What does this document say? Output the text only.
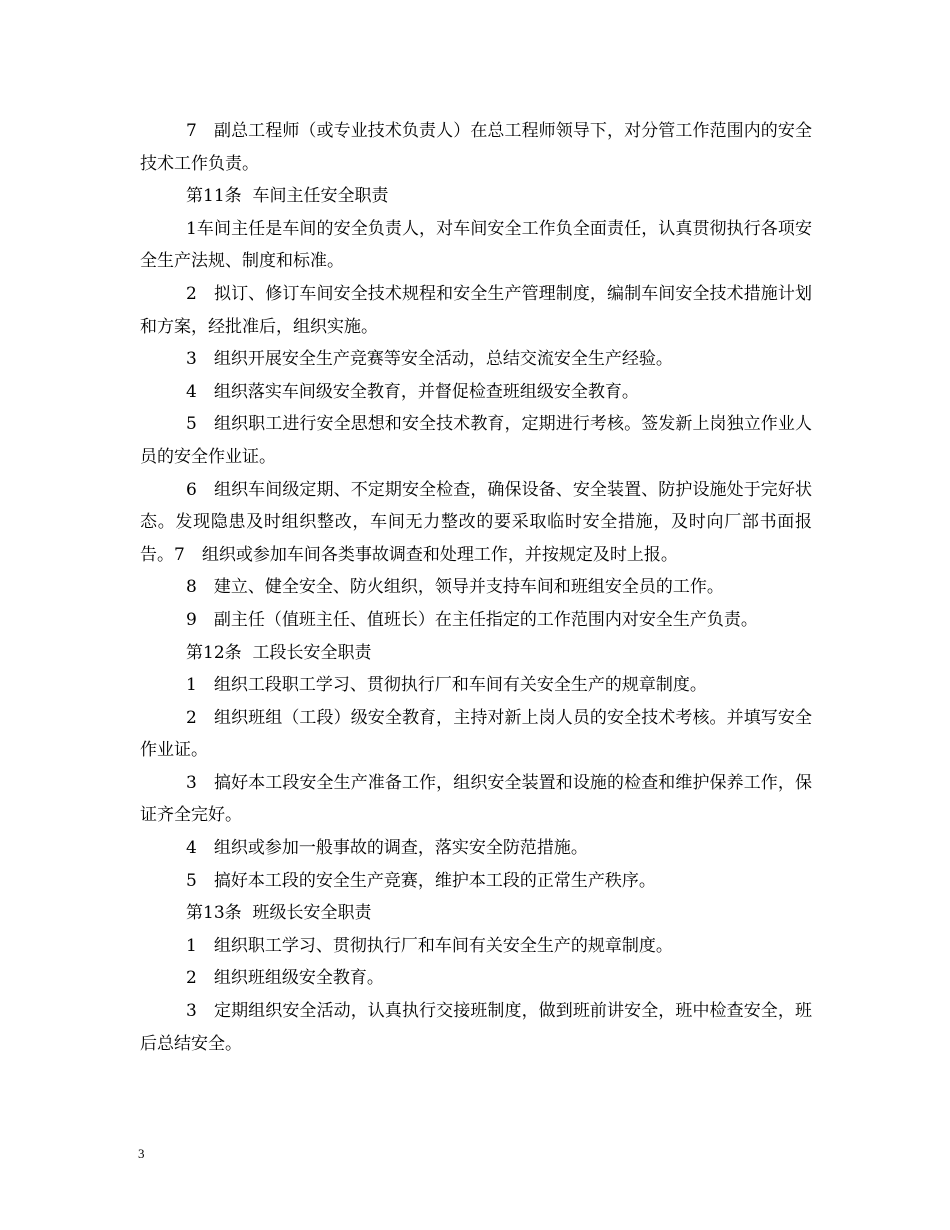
7　副总工程师（或专业技术负责人）在总工程师领导下，对分管工作范围内的安全技术工作负责。

第11条  车间主任安全职责

1车间主任是车间的安全负责人，对车间安全工作负全面责任，认真贯彻执行各项安全生产法规、制度和标准。

2　拟订、修订车间安全技术规程和安全生产管理制度，编制车间安全技术措施计划和方案，经批准后，组织实施。

3　组织开展安全生产竞赛等安全活动，总结交流安全生产经验。

4　组织落实车间级安全教育，并督促检查班组级安全教育。

5　组织职工进行安全思想和安全技术教育，定期进行考核。签发新上岗独立作业人员的安全作业证。

6　组织车间级定期、不定期安全检查，确保设备、安全装置、防护设施处于完好状态。发现隐患及时组织整改，车间无力整改的要采取临时安全措施，及时向厂部书面报告。7　组织或参加车间各类事故调查和处理工作，并按规定及时上报。

8　建立、健全安全、防火组织，领导并支持车间和班组安全员的工作。

9　副主任（值班主任、值班长）在主任指定的工作范围内对安全生产负责。

第12条  工段长安全职责

1　组织工段职工学习、贯彻执行厂和车间有关安全生产的规章制度。

2　组织班组（工段）级安全教育，主持对新上岗人员的安全技术考核。并填写安全作业证。

3　搞好本工段安全生产准备工作，组织安全装置和设施的检查和维护保养工作，保证齐全完好。

4　组织或参加一般事故的调查，落实安全防范措施。

5　搞好本工段的安全生产竞赛，维护本工段的正常生产秩序。

第13条  班级长安全职责

1　组织职工学习、贯彻执行厂和车间有关安全生产的规章制度。

2　组织班组级安全教育。

3　定期组织安全活动，认真执行交接班制度，做到班前讲安全，班中检查安全，班后总结安全。

3
